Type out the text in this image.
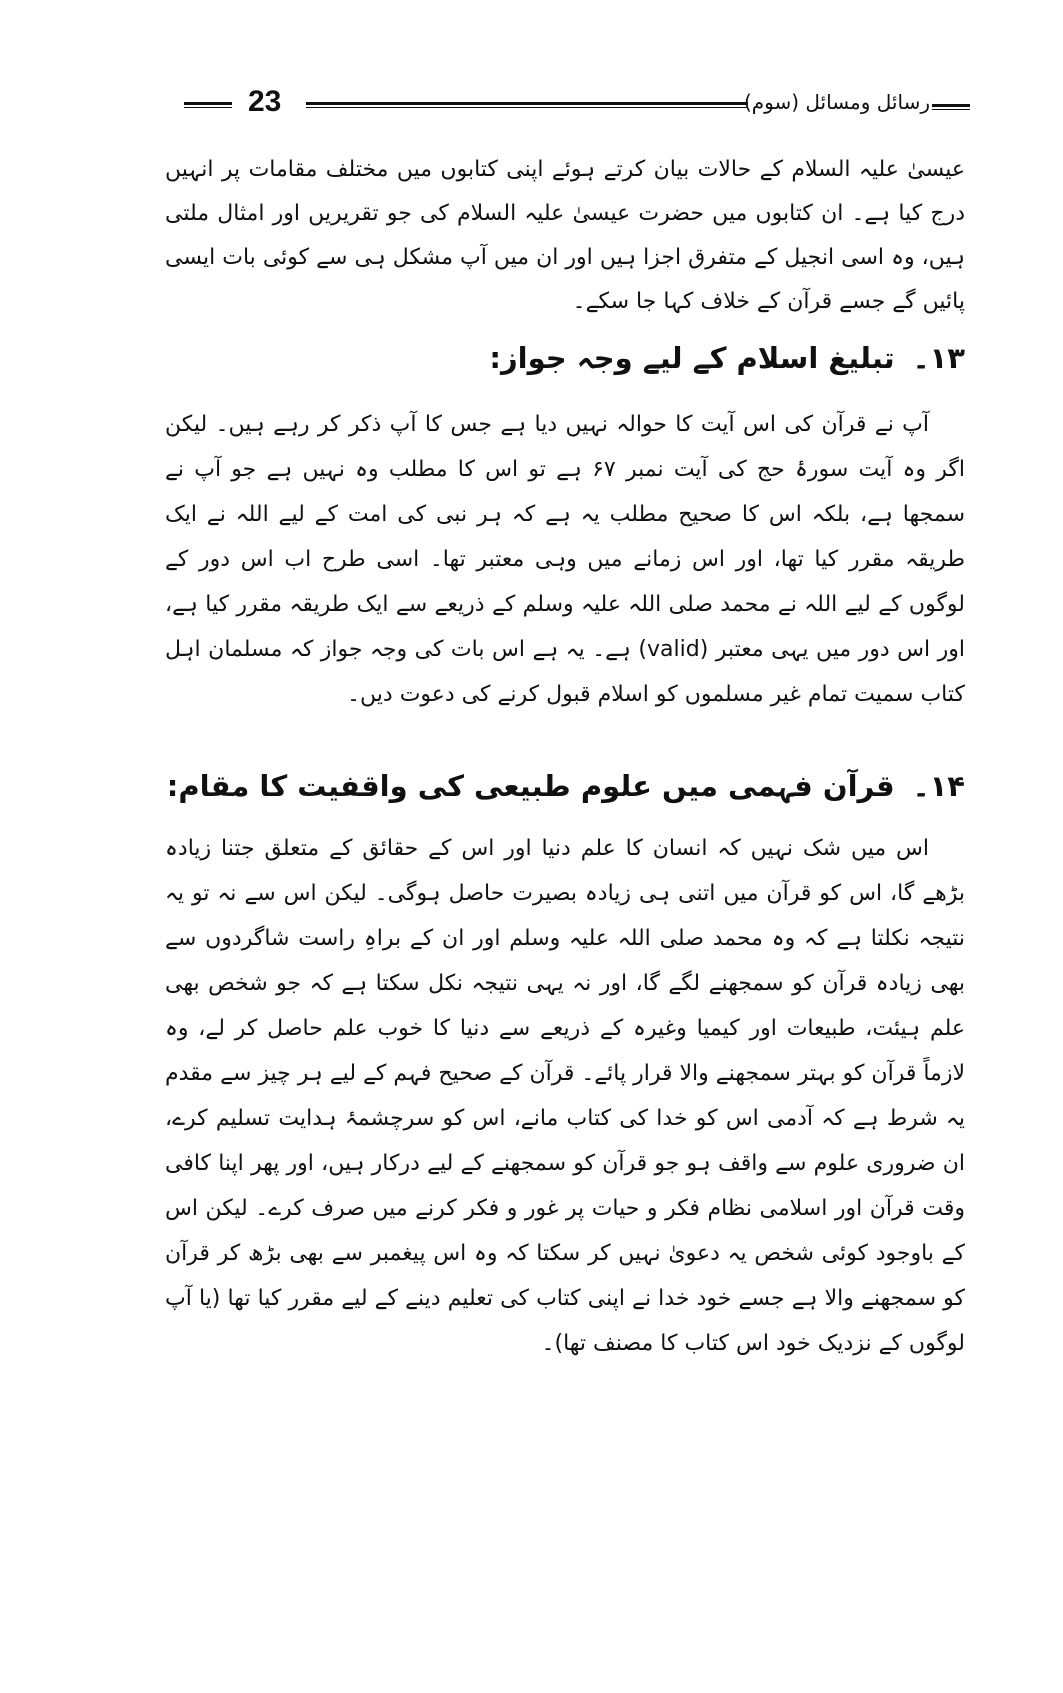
23	رسائل ومسائل (سوم)

عیسیٰ علیہ السلام کے حالات بیان کرتے ہوئے اپنی کتابوں میں مختلف مقامات پر انہیں درج کیا ہے۔ ان کتابوں میں حضرت عیسیٰ علیہ السلام کی جو تقریریں اور امثال ملتی ہیں، وہ اسی انجیل کے متفرق اجزا ہیں اور ان میں آپ مشکل ہی سے کوئی بات ایسی پائیں گے جسے قرآن کے خلاف کہا جا سکے۔

۱۳۔تبلیغ اسلام کے لیے وجہ جواز:

آپ نے قرآن کی اس آیت کا حوالہ نہیں دیا ہے جس کا آپ ذکر کر رہے ہیں۔ لیکن اگر وہ آیت سورۂ حج کی آیت نمبر ۶۷ ہے تو اس کا مطلب وہ نہیں ہے جو آپ نے سمجھا ہے، بلکہ اس کا صحیح مطلب یہ ہے کہ ہر نبی کی امت کے لیے اللہ نے ایک طریقہ مقرر کیا تھا، اور اس زمانے میں وہی معتبر تھا۔ اسی طرح اب اس دور کے لوگوں کے لیے اللہ نے محمد صلی اللہ علیہ وسلم کے ذریعے سے ایک طریقہ مقرر کیا ہے، اور اس دور میں یہی معتبر (valid) ہے۔ یہ ہے اس بات کی وجہ جواز کہ مسلمان اہل کتاب سمیت تمام غیر مسلموں کو اسلام قبول کرنے کی دعوت دیں۔

۱۴۔قرآن فہمی میں علوم طبیعی کی واقفیت کا مقام:

اس میں شک نہیں کہ انسان کا علم دنیا اور اس کے حقائق کے متعلق جتنا زیادہ بڑھے گا، اس کو قرآن میں اتنی ہی زیادہ بصیرت حاصل ہوگی۔ لیکن اس سے نہ تو یہ نتیجہ نکلتا ہے کہ وہ محمد صلی اللہ علیہ وسلم اور ان کے براہِ راست شاگردوں سے بھی زیادہ قرآن کو سمجھنے لگے گا، اور نہ یہی نتیجہ نکل سکتا ہے کہ جو شخص بھی علم ہیئت، طبیعات اور کیمیا وغیرہ کے ذریعے سے دنیا کا خوب علم حاصل کر لے، وہ لازماً قرآن کو بہتر سمجھنے والا قرار پائے۔ قرآن کے صحیح فہم کے لیے ہر چیز سے مقدم یہ شرط ہے کہ آدمی اس کو خدا کی کتاب مانے، اس کو سرچشمۂ ہدایت تسلیم کرے، ان ضروری علوم سے واقف ہو جو قرآن کو سمجھنے کے لیے درکار ہیں، اور پھر اپنا کافی وقت قرآن اور اسلامی نظام فکر و حیات پر غور و فکر کرنے میں صرف کرے۔ لیکن اس کے باوجود کوئی شخص یہ دعویٰ نہیں کر سکتا کہ وہ اس پیغمبر سے بھی بڑھ کر قرآن کو سمجھنے والا ہے جسے خود خدا نے اپنی کتاب کی تعلیم دینے کے لیے مقرر کیا تھا (یا آپ لوگوں کے نزدیک خود اس کتاب کا مصنف تھا)۔
